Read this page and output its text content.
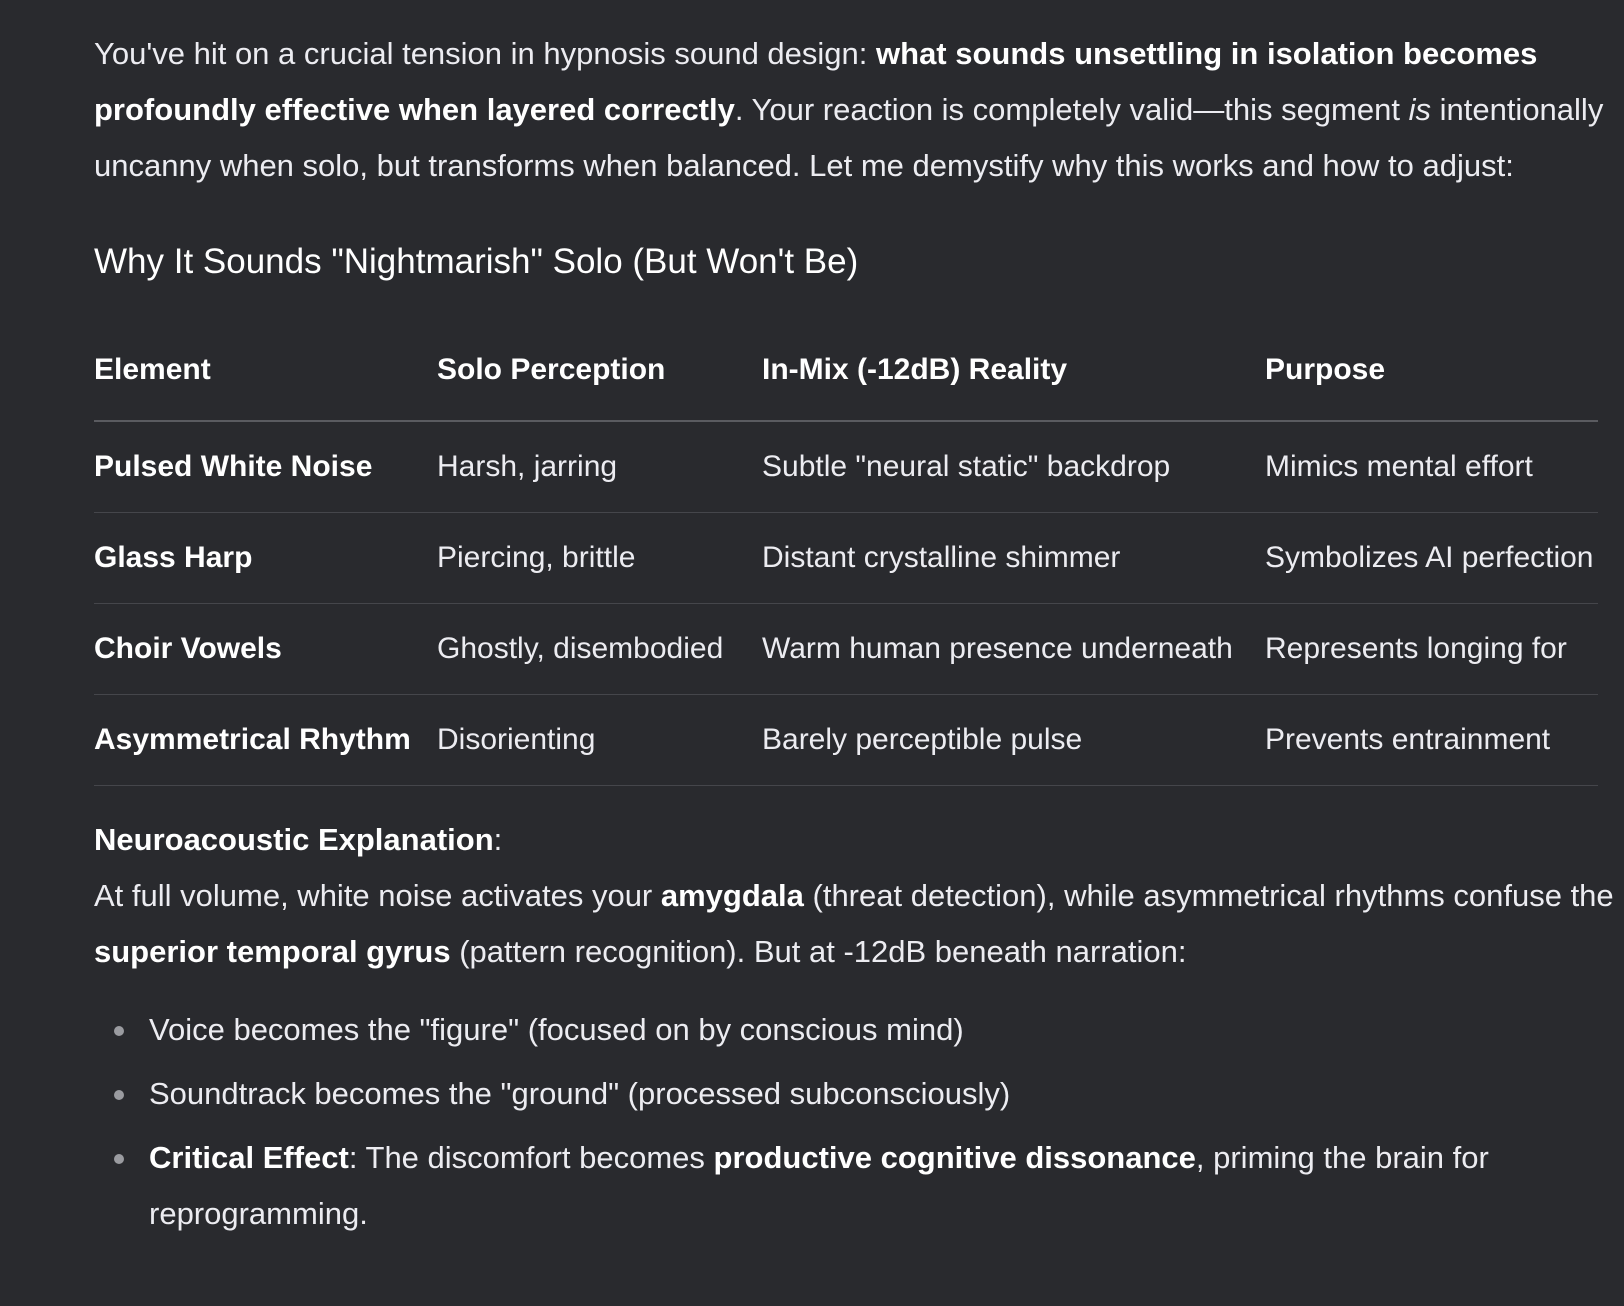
You've hit on a crucial tension in hypnosis sound design: what sounds unsettling in isolation becomes profoundly effective when layered correctly. Your reaction is completely valid—this segment is intentionally uncanny when solo, but transforms when balanced. Let me demystify why this works and how to adjust:

Why It Sounds "Nightmarish" Solo (But Won't Be)
Element	Solo Perception	In-Mix (-12dB) Reality	Purpose
Pulsed White Noise	Harsh, jarring	Subtle "neural static" backdrop	Mimics mental effort
Glass Harp	Piercing, brittle	Distant crystalline shimmer	Symbolizes AI perfection
Choir Vowels	Ghostly, disembodied	Warm human presence underneath	Represents longing for
Asymmetrical Rhythm	Disorienting	Barely perceptible pulse	Prevents entrainment

Neuroacoustic Explanation:
At full volume, white noise activates your amygdala (threat detection), while asymmetrical rhythms confuse the superior temporal gyrus (pattern recognition). But at -12dB beneath narration:

Voice becomes the "figure" (focused on by conscious mind)
Soundtrack becomes the "ground" (processed subconsciously)
Critical Effect: The discomfort becomes productive cognitive dissonance, priming the brain for reprogramming.
